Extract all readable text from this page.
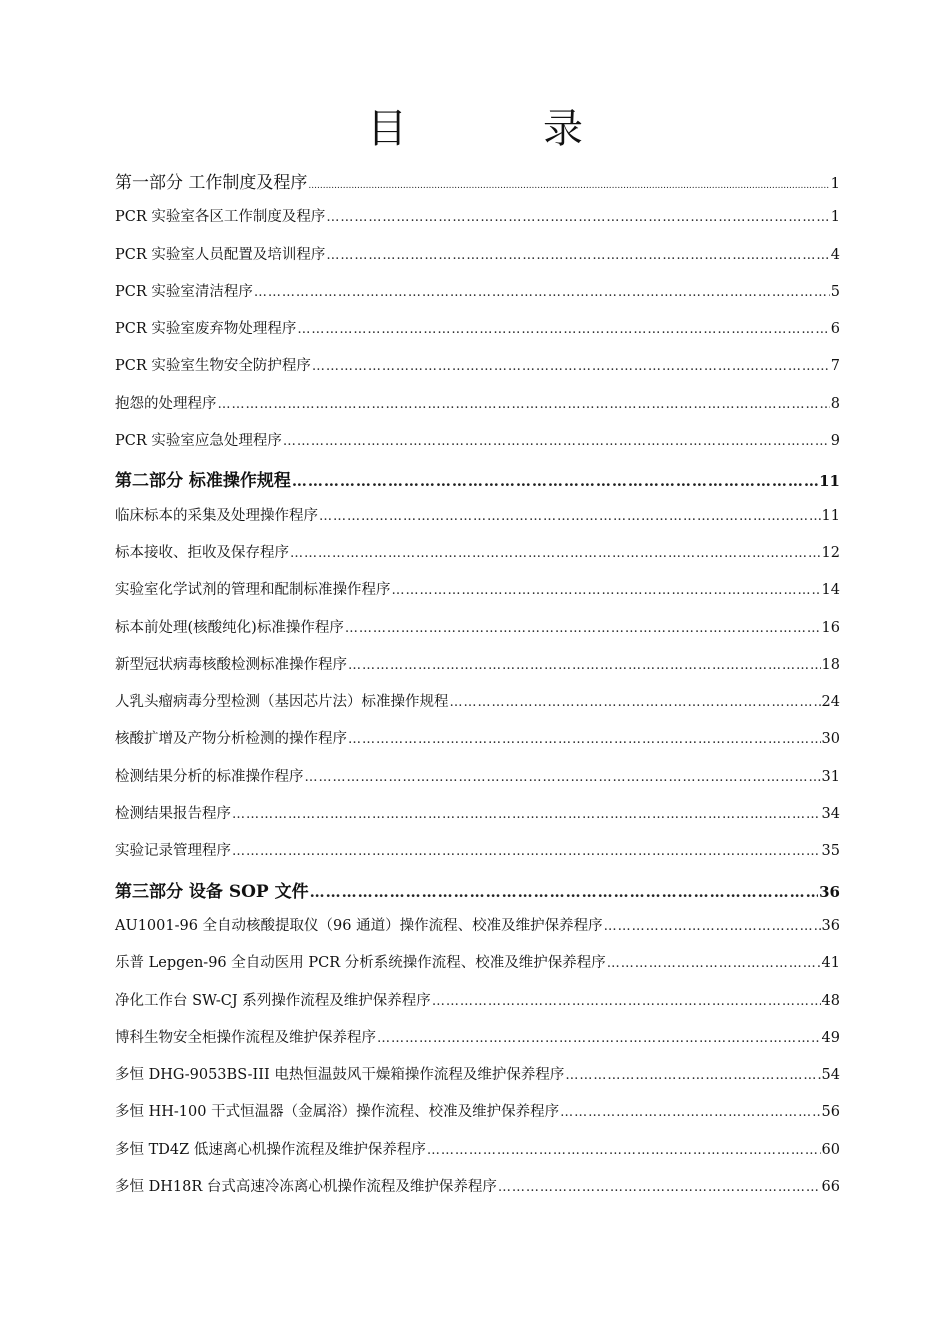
目　录
第一部分 工作制度及程序 .....	1
PCR 实验室各区工作制度及程序 ………………………………………………………………………………………………………………………………………………………………	1
PCR 实验室人员配置及培训程序 ………………………………………………………………………………………………………………………………………………………………	4
PCR 实验室清洁程序 ………………………………………………………………………………………………………………………………………………………………	5
PCR 实验室废弃物处理程序 ………………………………………………………………………………………………………………………………………………………………	6
PCR 实验室生物安全防护程序 ………………………………………………………………………………………………………………………………………………………………	7
抱怨的处理程序 ………………………………………………………………………………………………………………………………………………………………	8
PCR 实验室应急处理程序 ………………………………………………………………………………………………………………………………………………………………	9
第二部分 标准操作规程 ………………………………………………………………………………………………………………………………………………………………	11
临床标本的采集及处理操作程序 ………………………………………………………………………………………………………………………………………………………………	11
标本接收、拒收及保存程序 ………………………………………………………………………………………………………………………………………………………………	12
实验室化学试剂的管理和配制标准操作程序 ………………………………………………………………………………………………………………………………………………………………	14
标本前处理(核酸纯化)标准操作程序 ………………………………………………………………………………………………………………………………………………………………	16
新型冠状病毒核酸检测标准操作程序 ………………………………………………………………………………………………………………………………………………………………	18
人乳头瘤病毒分型检测（基因芯片法）标准操作规程 ………………………………………………………………………………………………………………………………………………………………	24
核酸扩增及产物分析检测的操作程序 ………………………………………………………………………………………………………………………………………………………………	30
检测结果分析的标准操作程序 ………………………………………………………………………………………………………………………………………………………………	31
检测结果报告程序 ………………………………………………………………………………………………………………………………………………………………	34
实验记录管理程序 ………………………………………………………………………………………………………………………………………………………………	35
第三部分 设备 SOP 文件 ………………………………………………………………………………………………………………………………………………………………	36
AU1001-96 全自动核酸提取仪（96 通道）操作流程、校准及维护保养程序 ………………………………………………………………………………………………………………………………………………………………	36
乐普 Lepgen-96 全自动医用 PCR 分析系统操作流程、校准及维护保养程序 ………………………………………………………………………………………………………………………………………………………………	41
净化工作台 SW-CJ 系列操作流程及维护保养程序 ………………………………………………………………………………………………………………………………………………………………	48
博科生物安全柜操作流程及维护保养程序 ………………………………………………………………………………………………………………………………………………………………	49
多恒 DHG-9053BS-III 电热恒温鼓风干燥箱操作流程及维护保养程序 ………………………………………………………………………………………………………………………………………………………………	54
多恒 HH-100 干式恒温器（金属浴）操作流程、校准及维护保养程序 ………………………………………………………………………………………………………………………………………………………………	56
多恒 TD4Z 低速离心机操作流程及维护保养程序 ………………………………………………………………………………………………………………………………………………………………	60
多恒 DH18R 台式高速冷冻离心机操作流程及维护保养程序 ………………………………………………………………………………………………………………………………………………………………	66
